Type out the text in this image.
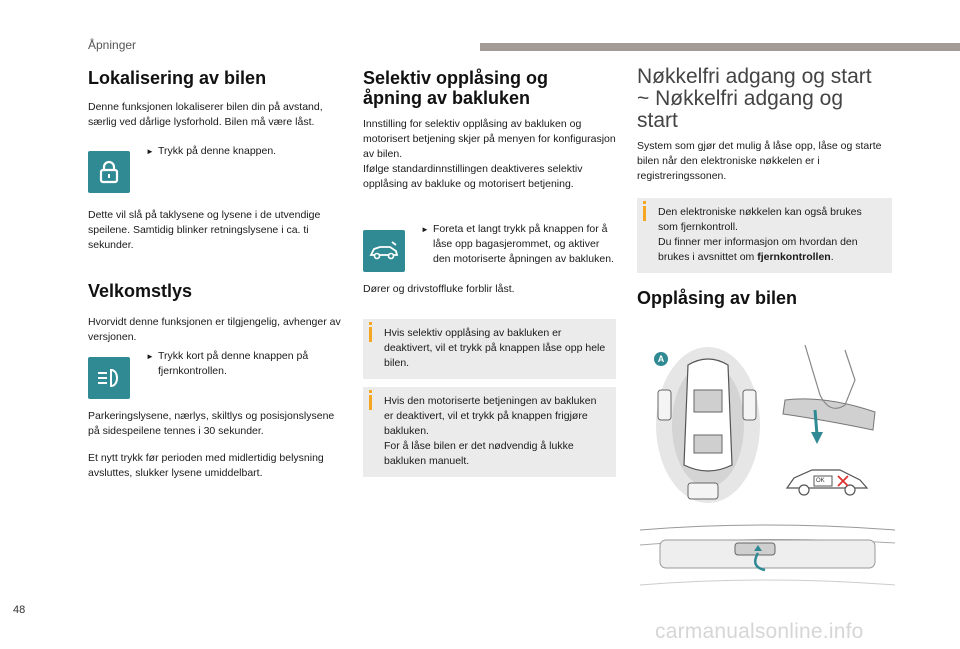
Åpninger
Lokalisering av bilen

Denne funksjonen lokaliserer bilen din på avstand, særlig ved dårlige lysforhold. Bilen må være låst.

► Trykk på denne knappen.

Dette vil slå på taklysene og lysene i de utvendige speilene. Samtidig blinker retningslysene i ca. ti sekunder.

Velkomstlys

Hvorvidt denne funksjonen er tilgjengelig, avhenger av versjonen.

► Trykk kort på denne knappen på fjernkontrollen.

Parkeringslysene, nærlys, skiltlys og posisjonslysene på sidespeilene tennes i 30 sekunder.

Et nytt trykk før perioden med midlertidig belysning avsluttes, slukker lysene umiddelbart.

Selektiv opplåsing og åpning av bakluken

Innstilling for selektiv opplåsing av bakluken og motorisert betjening skjer på menyen for konfigurasjon av bilen.

Ifølge standardinnstillingen deaktiveres selektiv opplåsing av bakluke og motorisert betjening.

► Foreta et langt trykk på knappen for å låse opp bagasjerommet, og aktiver den motoriserte åpningen av bakluken.

Dører og drivstoffluke forblir låst.

Hvis selektiv opplåsing av bakluken er deaktivert, vil et trykk på knappen låse opp hele bilen.

Hvis den motoriserte betjeningen av bakluken er deaktivert, vil et trykk på knappen frigjøre bakluken.

For å låse bilen er det nødvendig å lukke bakluken manuelt.

Nøkkelfri adgang og start ~ Nøkkelfri adgang og start

System som gjør det mulig å låse opp, låse og starte bilen når den elektroniske nøkkelen er i registreringssonen.

Den elektroniske nøkkelen kan også brukes som fjernkontroll.

Du finner mer informasjon om hvordan den brukes i avsnittet om fjernkontrollen.

Opplåsing av bilen
A
OK
48
carmanualsonline.info
